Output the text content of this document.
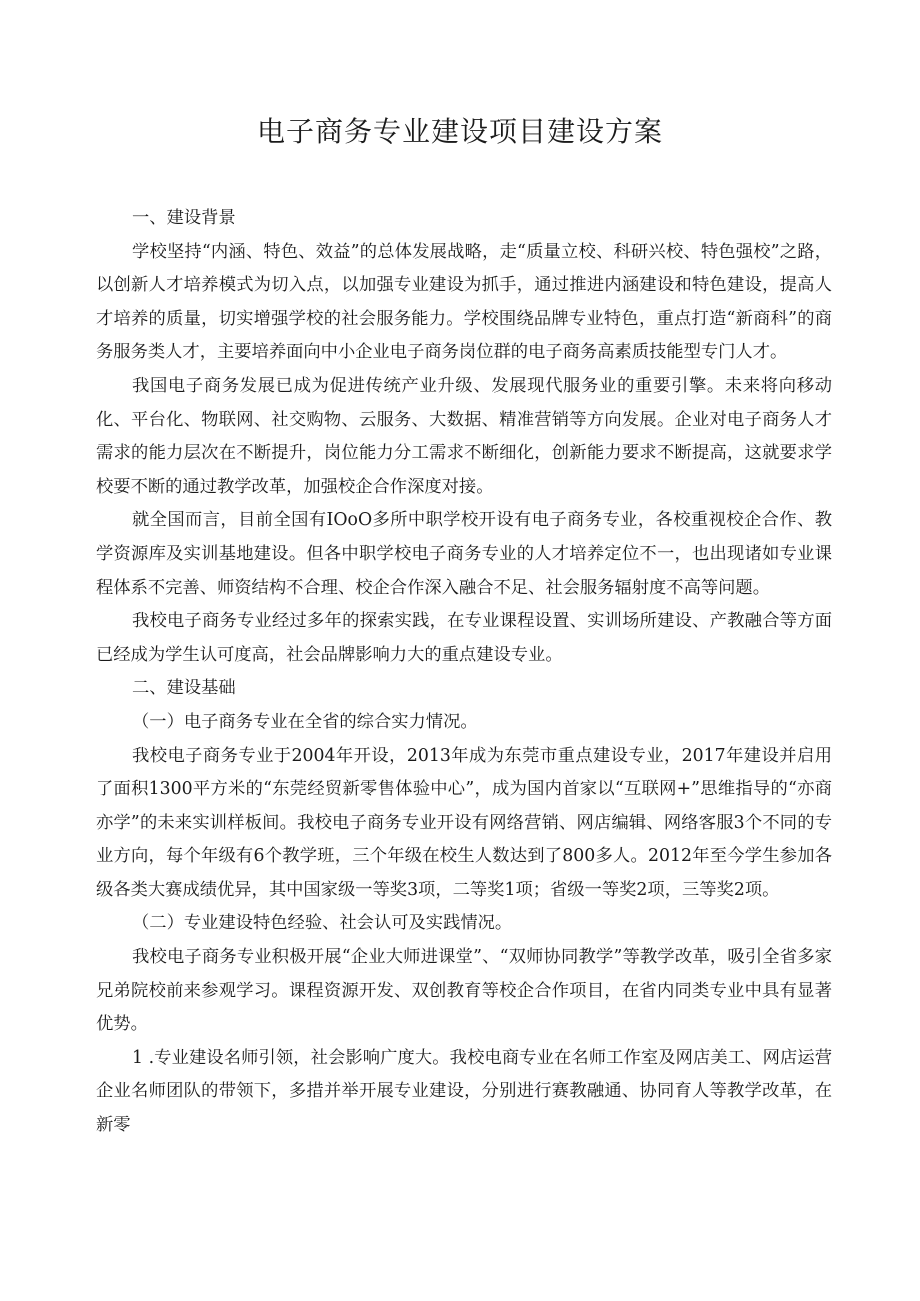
电子商务专业建设项目建设方案

一、建设背景

学校坚持“内涵、特色、效益”的总体发展战略，走“质量立校、科研兴校、特色强校”之路，以创新人才培养模式为切入点，以加强专业建设为抓手，通过推进内涵建设和特色建设，提高人才培养的质量，切实增强学校的社会服务能力。学校围绕品牌专业特色，重点打造“新商科”的商务服务类人才，主要培养面向中小企业电子商务岗位群的电子商务高素质技能型专门人才。

我国电子商务发展已成为促进传统产业升级、发展现代服务业的重要引擎。未来将向移动化、平台化、物联网、社交购物、云服务、大数据、精准营销等方向发展。企业对电子商务人才需求的能力层次在不断提升，岗位能力分工需求不断细化，创新能力要求不断提高，这就要求学校要不断的通过教学改革，加强校企合作深度对接。

就全国而言，目前全国有IOoO多所中职学校开设有电子商务专业，各校重视校企合作、教学资源库及实训基地建设。但各中职学校电子商务专业的人才培养定位不一，也出现诸如专业课程体系不完善、师资结构不合理、校企合作深入融合不足、社会服务辐射度不高等问题。

我校电子商务专业经过多年的探索实践，在专业课程设置、实训场所建设、产教融合等方面已经成为学生认可度高，社会品牌影响力大的重点建设专业。

二、建设基础

（一）电子商务专业在全省的综合实力情况。

我校电子商务专业于2004年开设，2013年成为东莞市重点建设专业，2017年建设并启用了面积1300平方米的“东莞经贸新零售体验中心”，成为国内首家以“互联网+”思维指导的“亦商亦学”的未来实训样板间。我校电子商务专业开设有网络营销、网店编辑、网络客服3个不同的专业方向，每个年级有6个教学班，三个年级在校生人数达到了800多人。2012年至今学生参加各级各类大赛成绩优异，其中国家级一等奖3项，二等奖1项；省级一等奖2项，三等奖2项。

（二）专业建设特色经验、社会认可及实践情况。

我校电子商务专业积极开展“企业大师进课堂”、“双师协同教学”等教学改革，吸引全省多家兄弟院校前来参观学习。课程资源开发、双创教育等校企合作项目，在省内同类专业中具有显著优势。

1 .专业建设名师引领，社会影响广度大。我校电商专业在名师工作室及网店美工、网店运营企业名师团队的带领下，多措并举开展专业建设，分别进行赛教融通、协同育人等教学改革，在新零
